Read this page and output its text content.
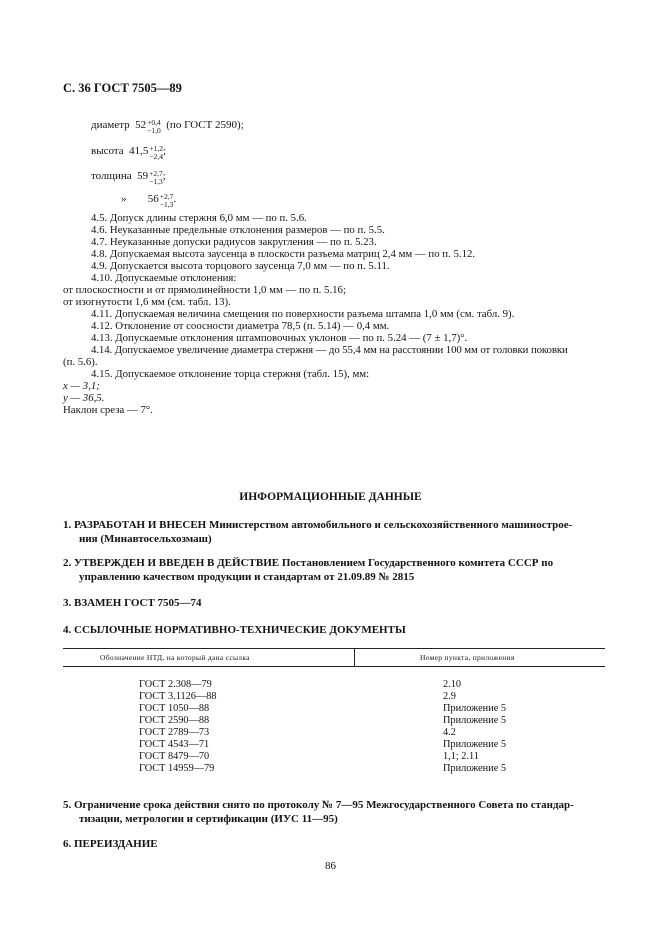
С. 36 ГОСТ 7505—89
диаметр 52 +0,4
−1,0 (по ГОСТ 2590);
высота 41,5 +1,2
−2,4 ;
толщина 59 +2,7
−1,3 ;
» 56 +2,7
−1,3 .
4.5. Допуск длины стержня 6,0 мм — по п. 5.6.
4.6. Неуказанные предельные отклонения размеров — по п. 5.5.
4.7. Неуказанные допуски радиусов закругления — по п. 5.23.
4.8. Допускаемая высота заусенца в плоскости разъема матриц 2,4 мм — по п. 5.12.
4.9. Допускается высота торцового заусенца 7,0 мм — по п. 5.11.
4.10. Допускаемые отклонения:
от плоскостности и от прямолинейности 1,0 мм — по п. 5.16;
от изогнутости 1,6 мм (см. табл. 13).
4.11. Допускаемая величина смещения по поверхности разъема штампа 1,0 мм (см. табл. 9).
4.12. Отклонение от соосности диаметра 78,5 (п. 5.14) — 0,4 мм.
4.13. Допускаемые отклонения штамповочных уклонов — по п. 5.24 — (7 ± 1,7)°.
4.14. Допускаемое увеличение диаметра стержня — до 55,4 мм на расстоянии 100 мм от головки поковки
(п. 5.6).
4.15. Допускаемое отклонение торца стержня (табл. 15), мм:
x — 3,1;
y — 36,5.
Наклон среза — 7°.
ИНФОРМАЦИОННЫЕ ДАННЫЕ
1. РАЗРАБОТАН И ВНЕСЕН Министерством автомобильного и сельскохозяйственного машинострое-
ния (Минавтосельхозмаш)
2. УТВЕРЖДЕН И ВВЕДЕН В ДЕЙСТВИЕ Постановлением Государственного комитета СССР по
управлению качеством продукции и стандартам от 21.09.89 № 2815
3. ВЗАМЕН ГОСТ 7505—74
4. ССЫЛОЧНЫЕ НОРМАТИВНО-ТЕХНИЧЕСКИЕ ДОКУМЕНТЫ
Обозначение НТД, на который дана ссылка	Номер пункта, приложения
ГОСТ 2.308—79	2.10
ГОСТ 3.1126—88	2.9
ГОСТ 1050—88	Приложение 5
ГОСТ 2590—88	Приложение 5
ГОСТ 2789—73	4.2
ГОСТ 4543—71	Приложение 5
ГОСТ 8479—70	1,1; 2.11
ГОСТ 14959—79	Приложение 5
5. Ограничение срока действия снято по протоколу № 7—95 Межгосударственного Совета по стандар-
тизации, метрологии и сертификации (ИУС 11—95)
6. ПЕРЕИЗДАНИЕ
86
